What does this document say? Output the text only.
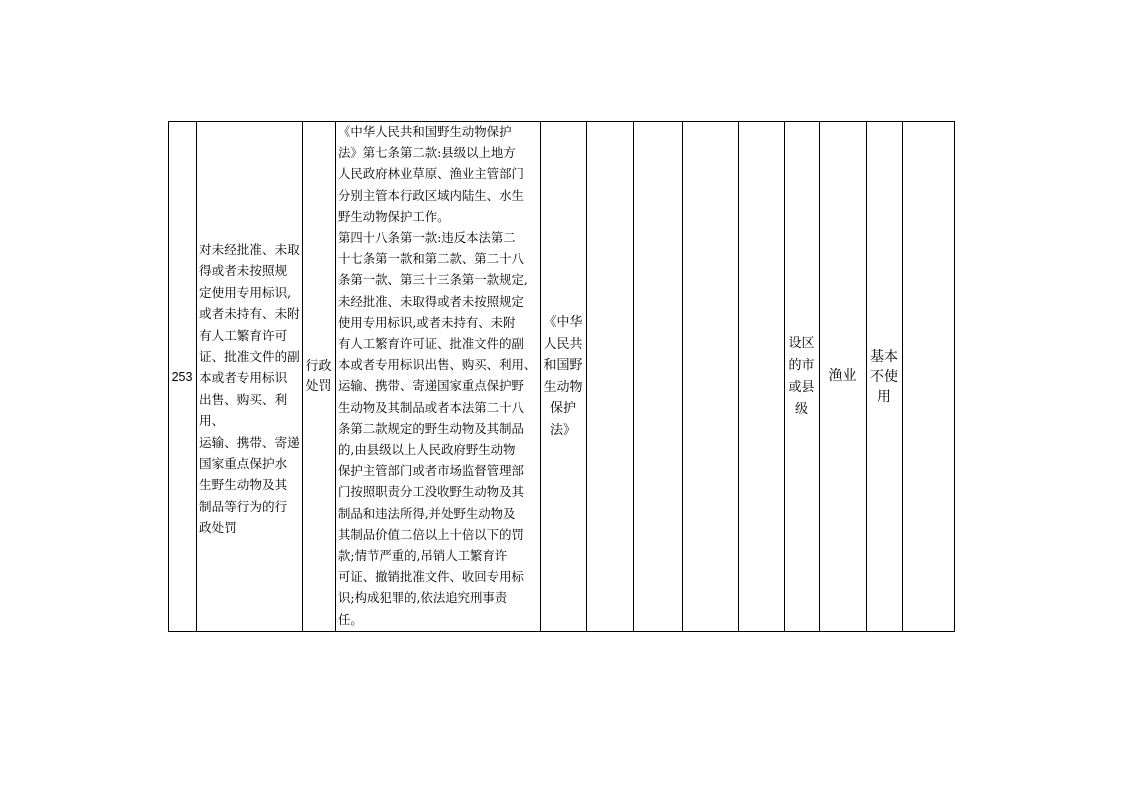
253
对未经批准、未取
得或者未按照规
定使用专用标识,
或者未持有、未附
有人工繁育许可
证、批准文件的副
本或者专用标识
出售、购买、利用、
运输、携带、寄递
国家重点保护水
生野生动物及其
制品等行为的行
政处罚
行政
处罚
《中华人民共和国野生动物保护
法》第七条第二款:县级以上地方
人民政府林业草原、渔业主管部门
分别主管本行政区域内陆生、水生
野生动物保护工作。
第四十八条第一款:违反本法第二
十七条第一款和第二款、第二十八
条第一款、第三十三条第一款规定,
未经批准、未取得或者未按照规定
使用专用标识,或者未持有、未附
有人工繁育许可证、批准文件的副
本或者专用标识出售、购买、利用、
运输、携带、寄递国家重点保护野
生动物及其制品或者本法第二十八
条第二款规定的野生动物及其制品
的,由县级以上人民政府野生动物
保护主管部门或者市场监督管理部
门按照职责分工没收野生动物及其
制品和违法所得,并处野生动物及
其制品价值二倍以上十倍以下的罚
款;情节严重的,吊销人工繁育许
可证、撤销批准文件、收回专用标
识;构成犯罪的,依法追究刑事责
任。
《中华
人民共
和国野
生动物
保护
法》
设区
的市
或县
级
渔业
基本
不使
用
